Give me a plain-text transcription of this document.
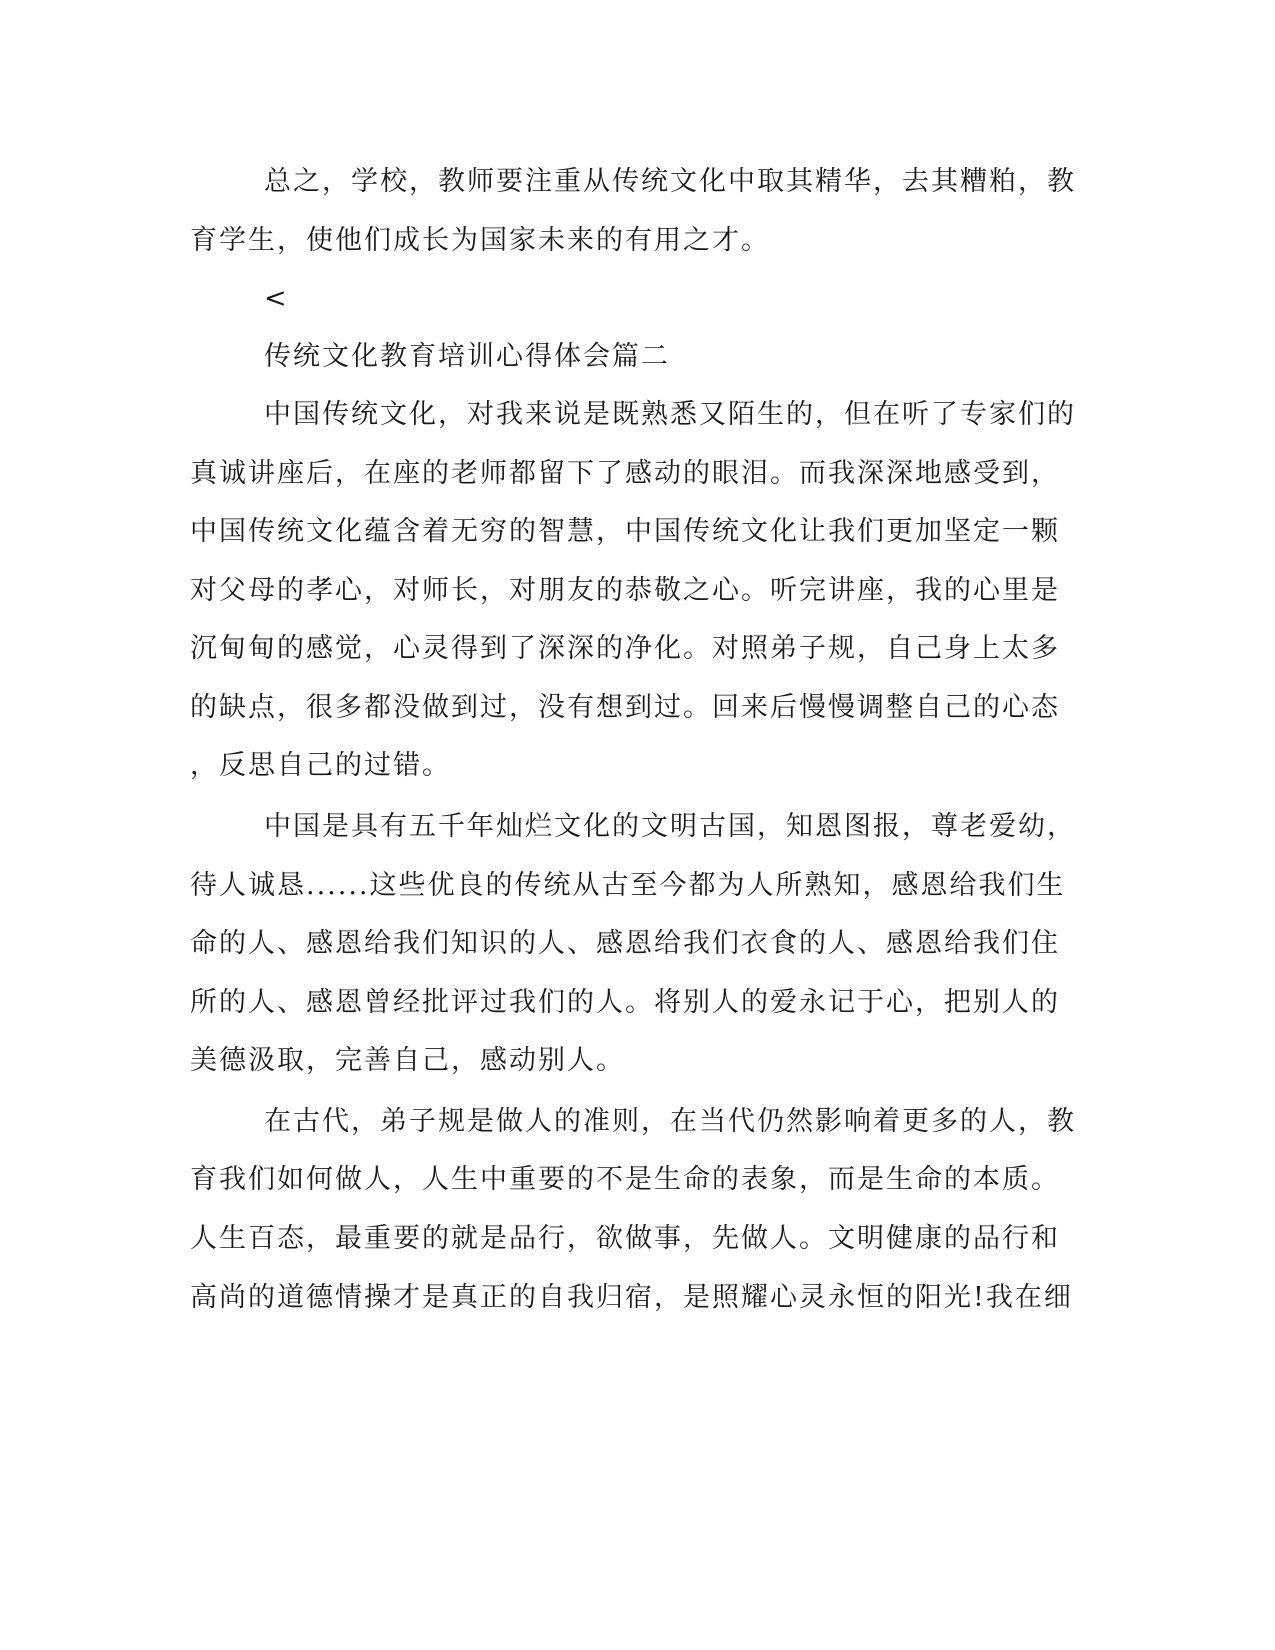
总之，学校，教师要注重从传统文化中取其精华，去其糟粕，教
育学生，使他们成长为国家未来的有用之才。
<
传统文化教育培训心得体会篇二
中国传统文化，对我来说是既熟悉又陌生的，但在听了专家们的
真诚讲座后，在座的老师都留下了感动的眼泪。而我深深地感受到，
中国传统文化蕴含着无穷的智慧，中国传统文化让我们更加坚定一颗
对父母的孝心，对师长，对朋友的恭敬之心。听完讲座，我的心里是
沉甸甸的感觉，心灵得到了深深的净化。对照弟子规，自己身上太多
的缺点，很多都没做到过，没有想到过。回来后慢慢调整自己的心态
，反思自己的过错。
中国是具有五千年灿烂文化的文明古国，知恩图报，尊老爱幼，
待人诚恳......这些优良的传统从古至今都为人所熟知，感恩给我们生
命的人、感恩给我们知识的人、感恩给我们衣食的人、感恩给我们住
所的人、感恩曾经批评过我们的人。将别人的爱永记于心，把别人的
美德汲取，完善自己，感动别人。
在古代，弟子规是做人的准则，在当代仍然影响着更多的人，教
育我们如何做人，人生中重要的不是生命的表象，而是生命的本质。
人生百态，最重要的就是品行，欲做事，先做人。文明健康的品行和
高尚的道德情操才是真正的自我归宿，是照耀心灵永恒的阳光!我在细
